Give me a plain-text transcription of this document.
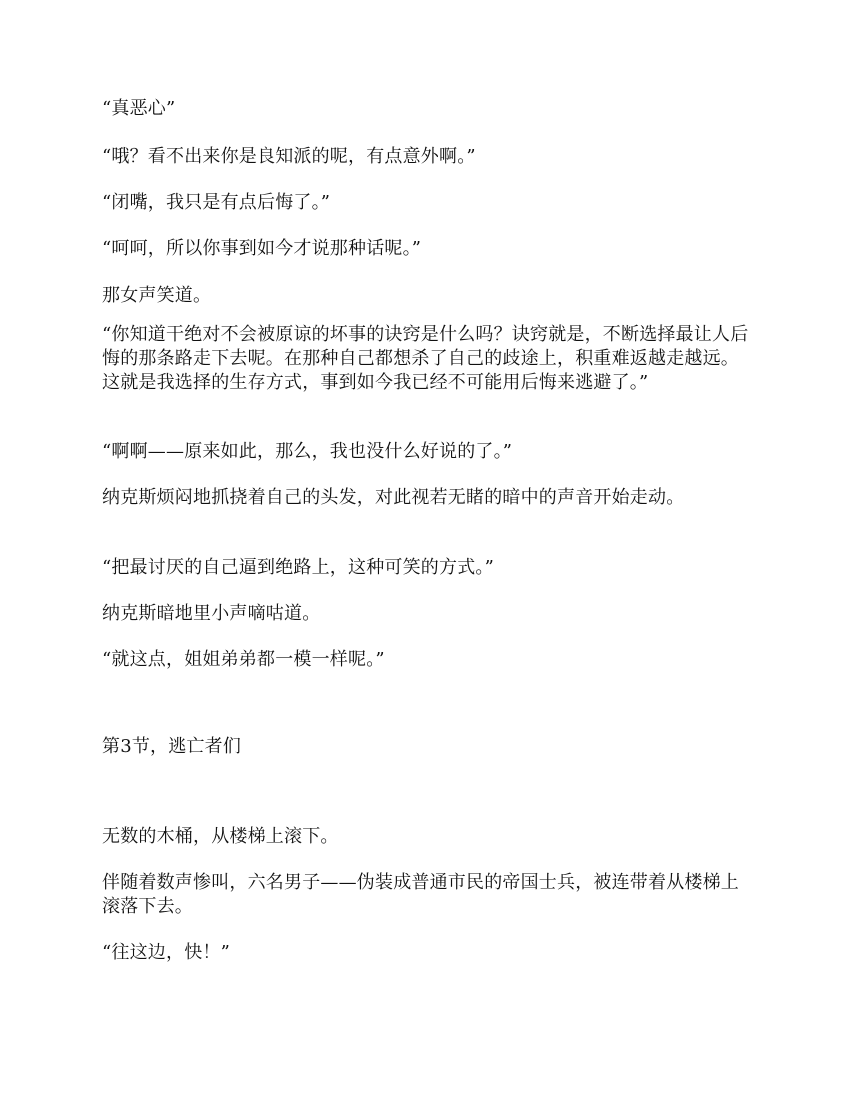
“真恶心”
“哦？看不出来你是良知派的呢，有点意外啊。”
“闭嘴，我只是有点后悔了。”
“呵呵，所以你事到如今才说那种话呢。”
那女声笑道。
“你知道干绝对不会被原谅的坏事的诀窍是什么吗？诀窍就是，不断选择最让人后悔的那条路走下去呢。在那种自己都想杀了自己的歧途上，积重难返越走越远。这就是我选择的生存方式，事到如今我已经不可能用后悔来逃避了。”
“啊啊——原来如此，那么，我也没什么好说的了。”
纳克斯烦闷地抓挠着自己的头发，对此视若无睹的暗中的声音开始走动。
“把最讨厌的自己逼到绝路上，这种可笑的方式。”
纳克斯暗地里小声嘀咕道。
“就这点，姐姐弟弟都一模一样呢。”
第3节，逃亡者们
无数的木桶，从楼梯上滚下。
伴随着数声惨叫，六名男子——伪装成普通市民的帝国士兵，被连带着从楼梯上滚落下去。
“往这边，快！”
